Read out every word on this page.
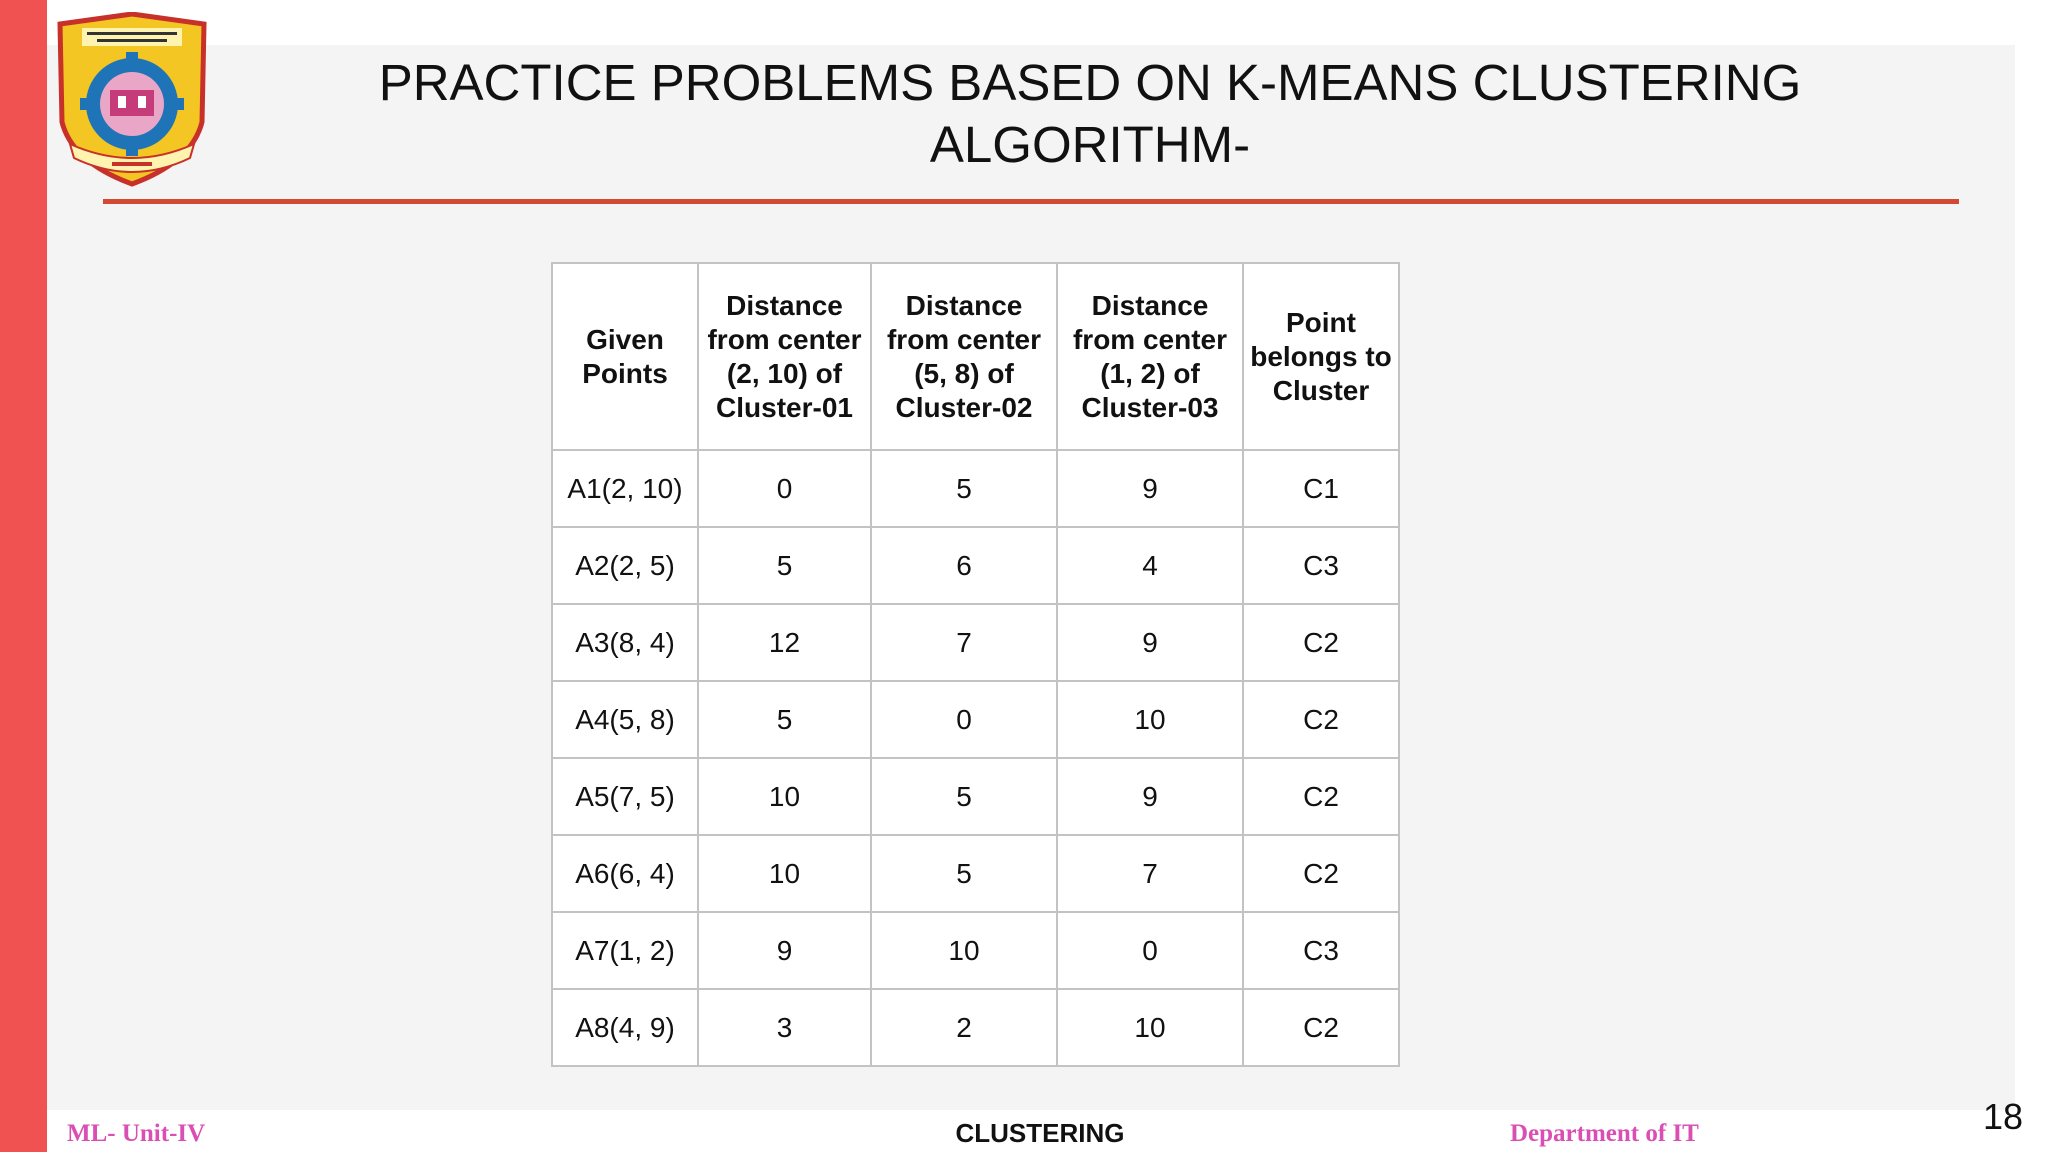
PRACTICE PROBLEMS BASED ON K-MEANS CLUSTERING ALGORITHM-
Given Points	Distance from center (2, 10) of Cluster-01	Distance from center (5, 8) of Cluster-02	Distance from center (1, 2) of Cluster-03	Point belongs to Cluster
A1(2, 10)	0	5	9	C1
A2(2, 5)	5	6	4	C3
A3(8, 4)	12	7	9	C2
A4(5, 8)	5	0	10	C2
A5(7, 5)	10	5	9	C2
A6(6, 4)	10	5	7	C2
A7(1, 2)	9	10	0	C3
A8(4, 9)	3	2	10	C2
ML- Unit-IV	CLUSTERING	Department of IT	18
